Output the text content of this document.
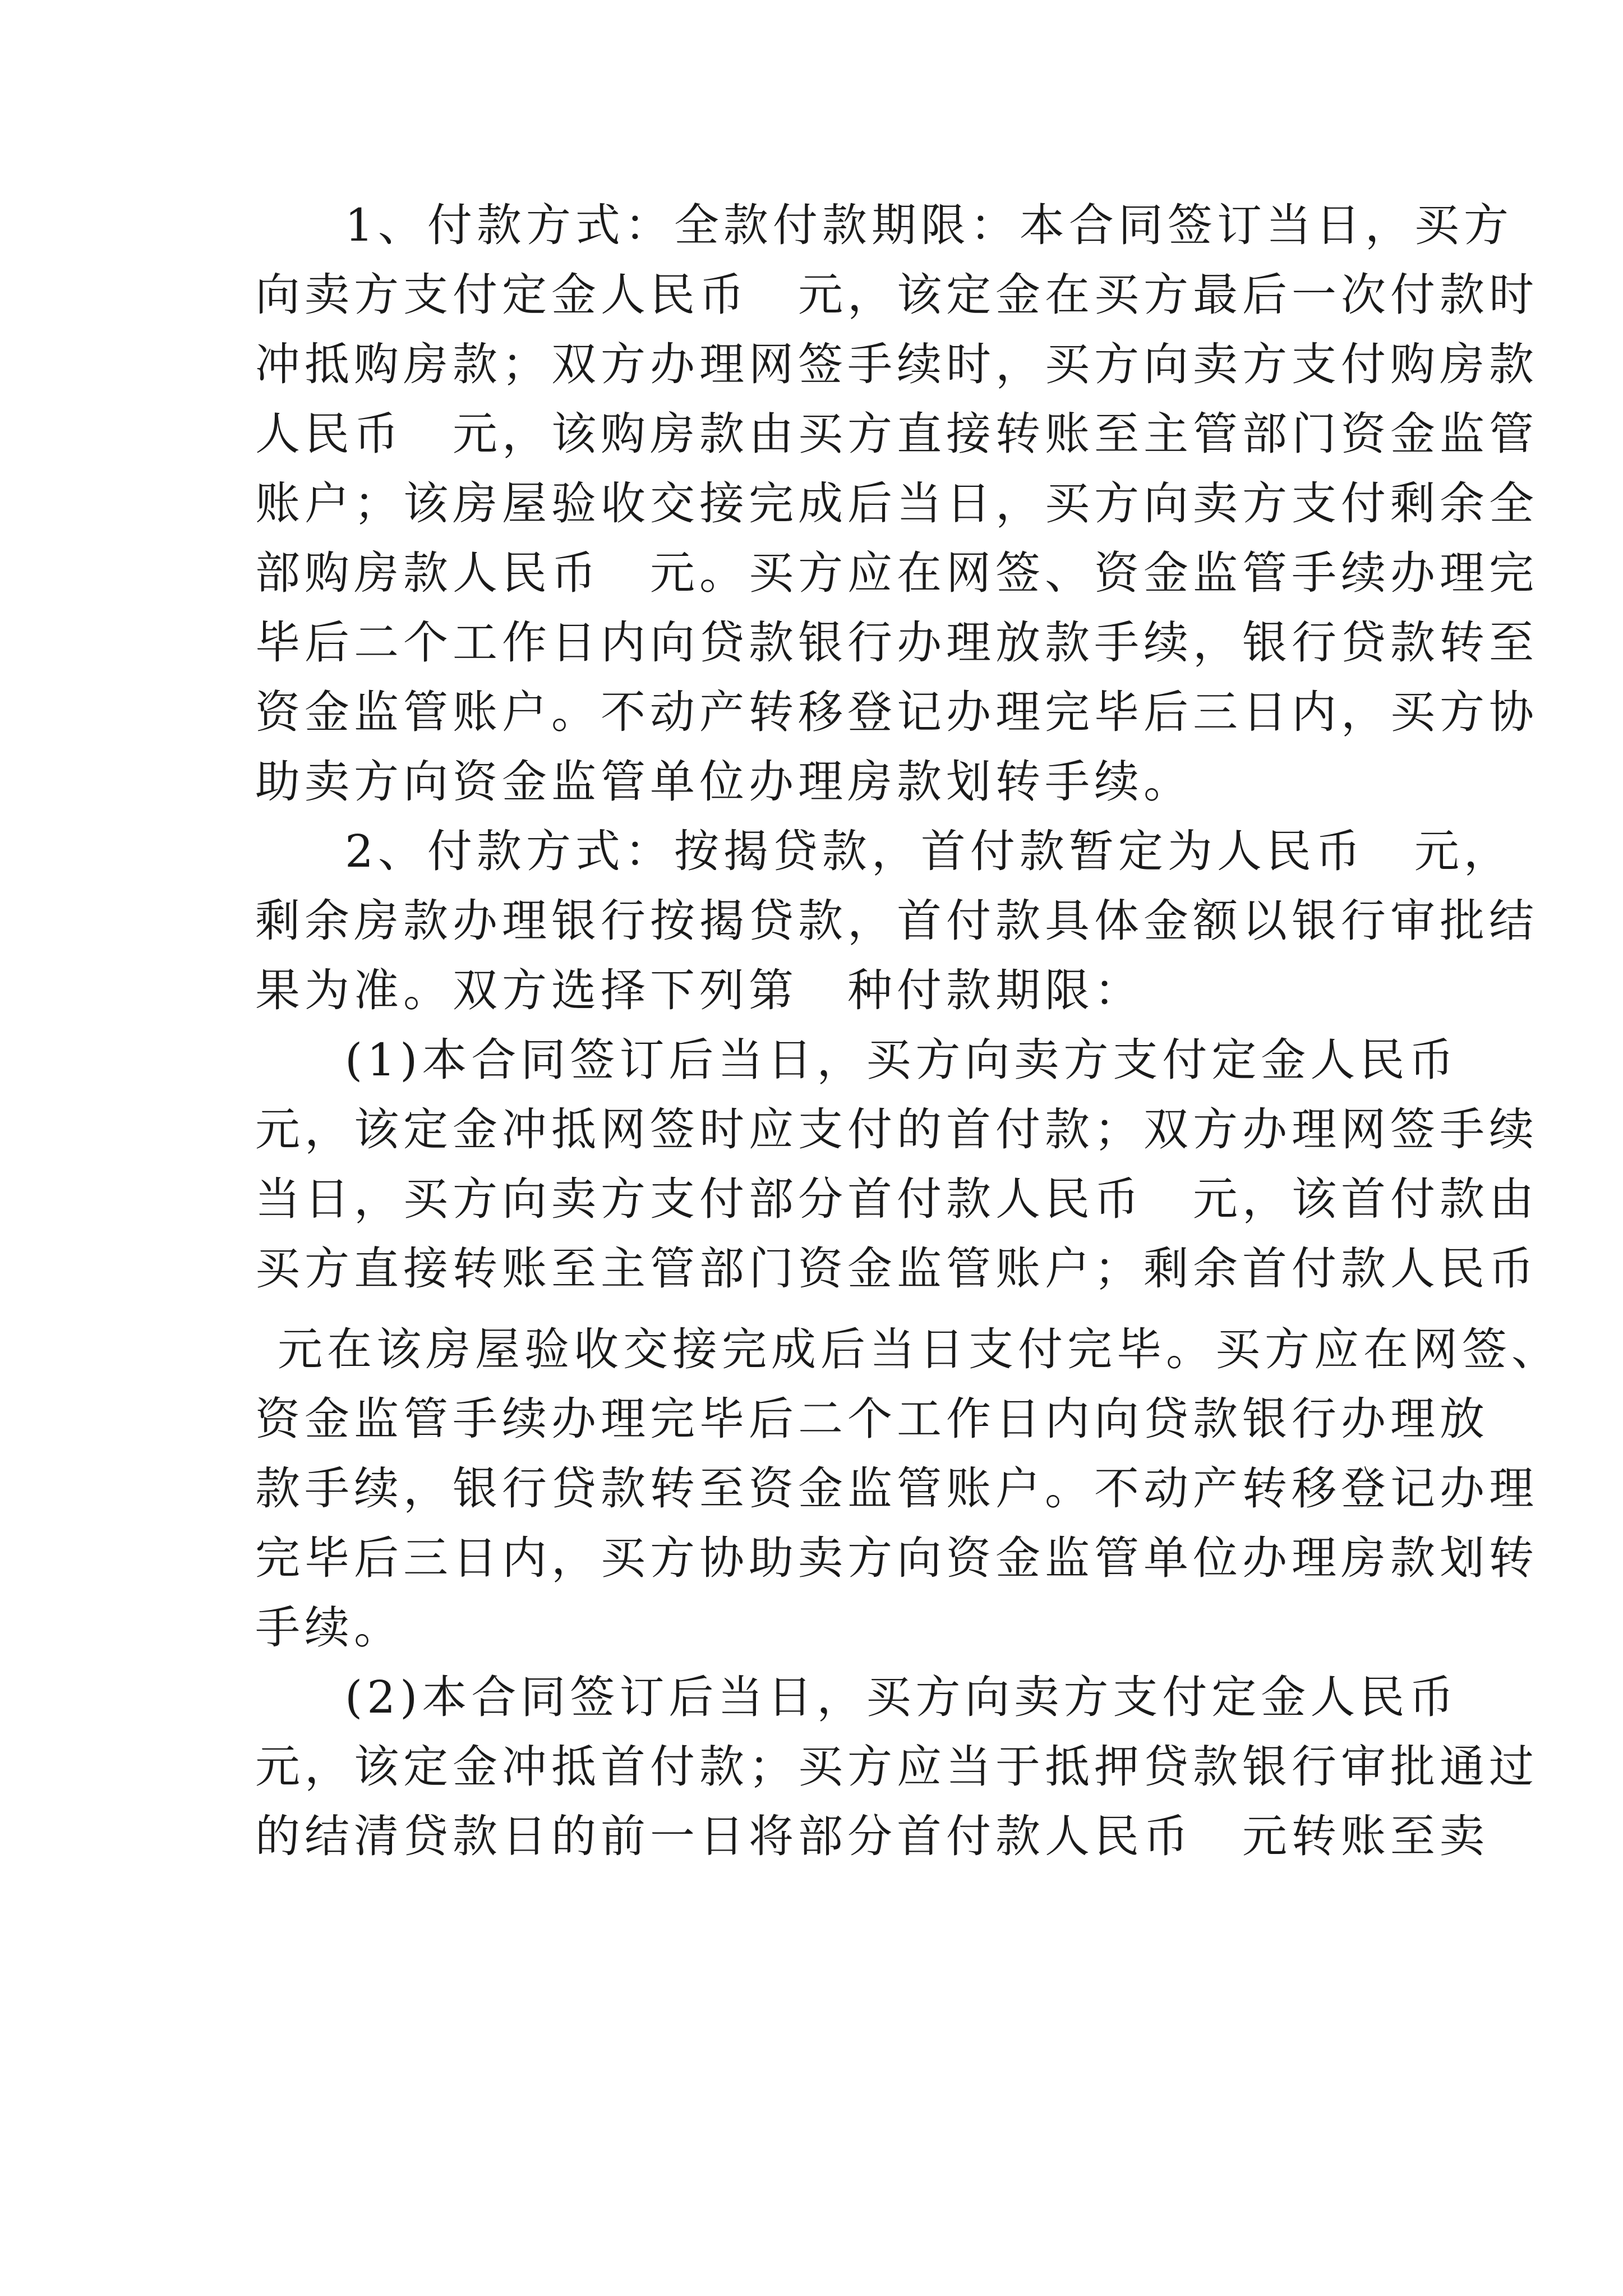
1、付款方式：全款付款期限：本合同签订当日，买方
向卖方支付定金人民币　元，该定金在买方最后一次付款时
冲抵购房款；双方办理网签手续时，买方向卖方支付购房款
人民币　元，该购房款由买方直接转账至主管部门资金监管
账户；该房屋验收交接完成后当日，买方向卖方支付剩余全
部购房款人民币　元。买方应在网签、资金监管手续办理完
毕后二个工作日内向贷款银行办理放款手续，银行贷款转至
资金监管账户。不动产转移登记办理完毕后三日内，买方协
助卖方向资金监管单位办理房款划转手续。
2、付款方式：按揭贷款，首付款暂定为人民币　元，
剩余房款办理银行按揭贷款，首付款具体金额以银行审批结
果为准。双方选择下列第　种付款期限：
(1)本合同签订后当日，买方向卖方支付定金人民币
元，该定金冲抵网签时应支付的首付款；双方办理网签手续
当日，买方向卖方支付部分首付款人民币　元，该首付款由
买方直接转账至主管部门资金监管账户；剩余首付款人民币
元在该房屋验收交接完成后当日支付完毕。买方应在网签、
资金监管手续办理完毕后二个工作日内向贷款银行办理放
款手续，银行贷款转至资金监管账户。不动产转移登记办理
完毕后三日内，买方协助卖方向资金监管单位办理房款划转
手续。
(2)本合同签订后当日，买方向卖方支付定金人民币
元，该定金冲抵首付款；买方应当于抵押贷款银行审批通过
的结清贷款日的前一日将部分首付款人民币　元转账至卖
